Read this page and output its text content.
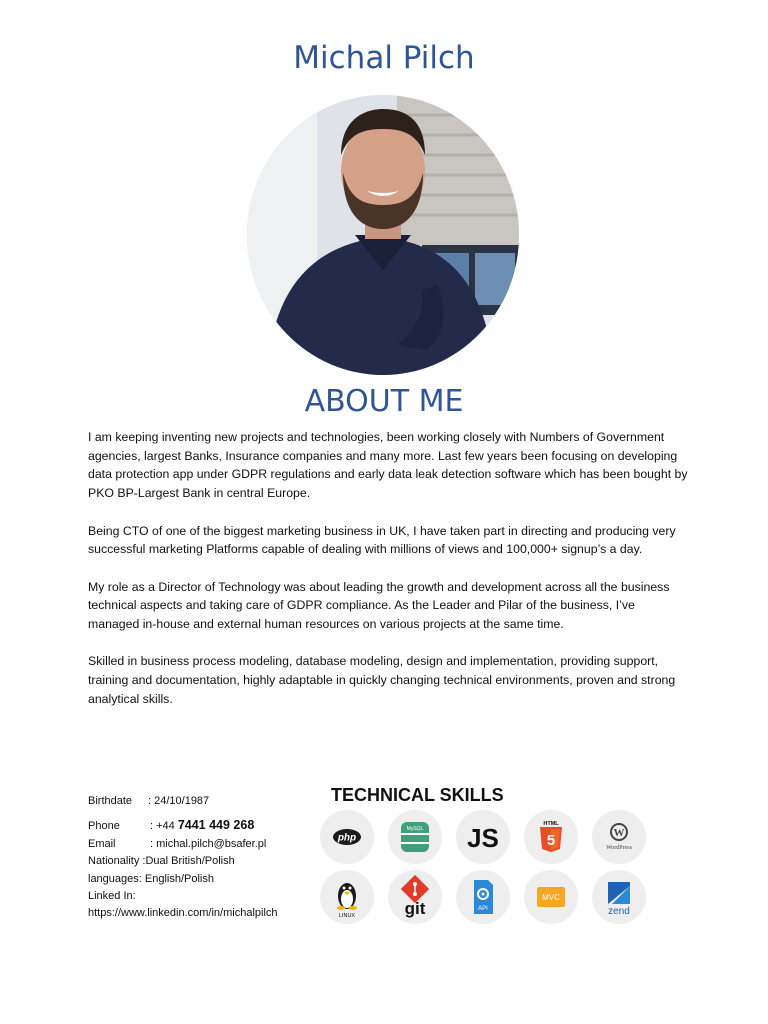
Michal Pilch
ABOUT ME

I am keeping inventing new projects and technologies, been working closely with Numbers of Government agencies, largest Banks, Insurance companies and many more. Last few years been focusing on developing data protection app under GDPR regulations and early data leak detection software which has been bought by PKO BP-Largest Bank in central Europe.

Being CTO of one of the biggest marketing business in UK, I have taken part in directing and producing very successful marketing Platforms capable of dealing with millions of views and 100,000+ signup’s a day.

My role as a Director of Technology was about leading the growth and development across all the business technical aspects and taking care of GDPR compliance. As the Leader and Pilar of the business, I’ve managed in-house and external human resources on various projects at the same time.

Skilled in business process modeling, database modeling, design and implementation, providing support, training and documentation, highly adaptable in quickly changing technical environments, proven and strong analytical skills.

Birthdate : 24/10/1987
Phone	: +44 7441 449 268
Email	: michal.pilch@bsafer.pl
Nationality :Dual British/Polish
languages: English/Polish
Linked In:
https://www.linkedin.com/in/michalpilch
TECHNICAL SKILLS
php
MySQL JS	HTML
5	W
WordPress
LINUX	git	API
MVC
zend
